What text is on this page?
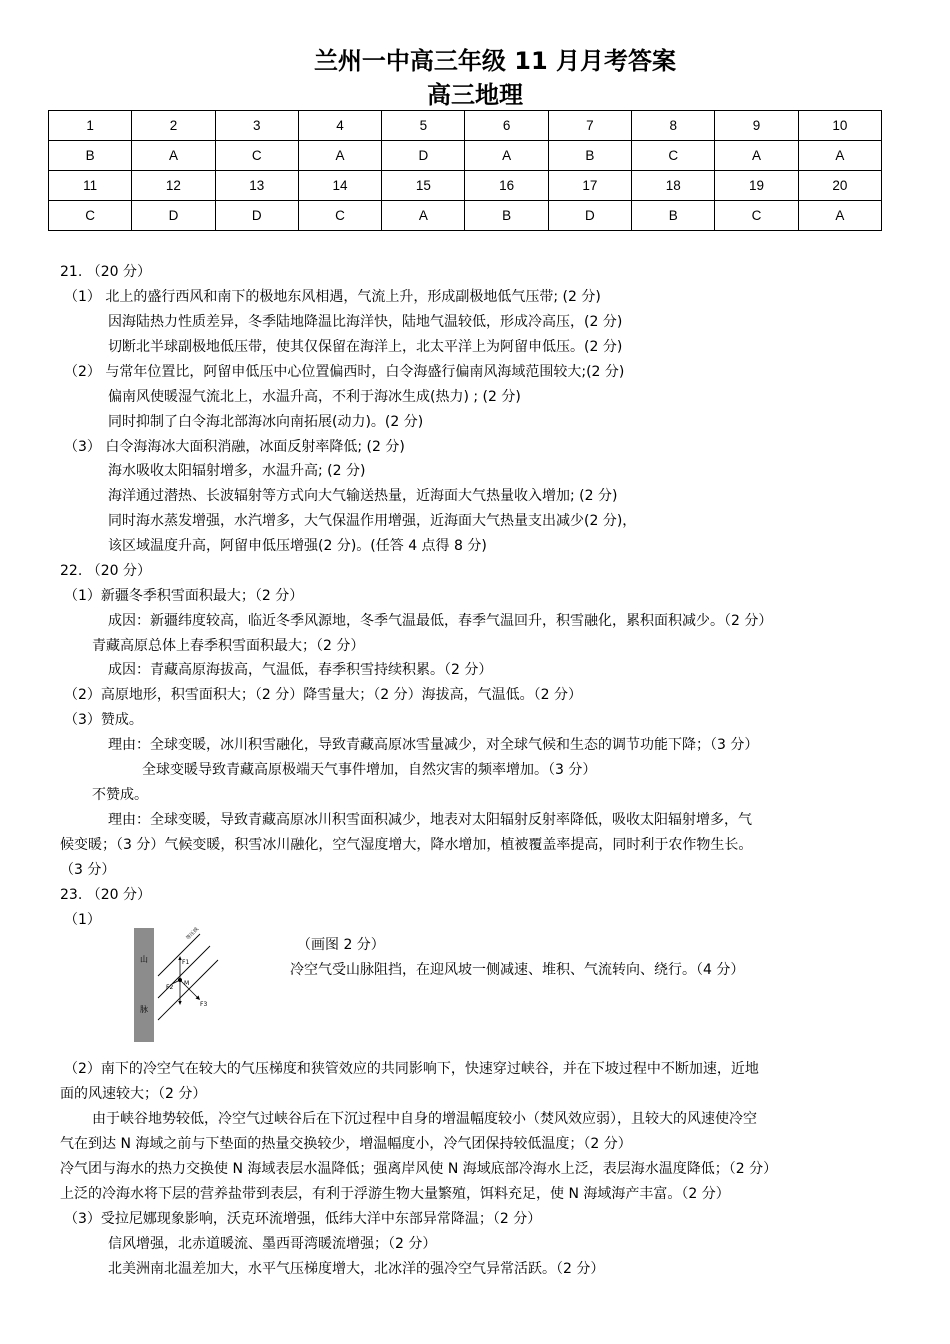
兰州一中高三年级 11 月月考答案
高三地理
1	2	3	4	5	6	7	8	9	10
B	A	C	A	D	A	B	C	A	A
11	12	13	14	15	16	17	18	19	20
C	D	D	C	A	B	D	B	C	A
21. （20 分）
（1） 北上的盛行西风和南下的极地东风相遇，气流上升，形成副极地低气压带; (2 分)
因海陆热力性质差异，冬季陆地降温比海洋快，陆地气温较低，形成冷高压，(2 分)
切断北半球副极地低压带，使其仅保留在海洋上，北太平洋上为阿留申低压。(2 分)
（2） 与常年位置比，阿留申低压中心位置偏西时，白令海盛行偏南风海域范围较大;(2 分)
偏南风使暖湿气流北上，水温升高，不利于海冰生成(热力) ; (2 分)
同时抑制了白令海北部海冰向南拓展(动力)。(2 分)
（3） 白令海海冰大面积消融，冰面反射率降低; (2 分)
海水吸收太阳辐射增多，水温升高; (2 分)
海洋通过潜热、长波辐射等方式向大气输送热量，近海面大气热量收入增加; (2 分)
同时海水蒸发增强，水汽增多，大气保温作用增强，近海面大气热量支出减少(2 分)，
该区域温度升高，阿留申低压增强(2 分)。(任答 4 点得 8 分)
22. （20 分）
（1）新疆冬季积雪面积最大；（2 分）
成因：新疆纬度较高，临近冬季风源地，冬季气温最低，春季气温回升，积雪融化，累积面积减少。（2 分）
青藏高原总体上春季积雪面积最大；（2 分）
成因：青藏高原海拔高，气温低，春季积雪持续积累。（2 分）
（2）高原地形，积雪面积大；（2 分）降雪量大；（2 分）海拔高，气温低。（2 分）
（3）赞成。
理由：全球变暖，冰川积雪融化，导致青藏高原冰雪量减少，对全球气候和生态的调节功能下降；（3 分）
全球变暖导致青藏高原极端天气事件增加，自然灾害的频率增加。（3 分）
不赞成。
理由：全球变暖，导致青藏高原冰川积雪面积减少，地表对太阳辐射反射率降低，吸收太阳辐射增多，气
候变暖；（3 分）气候变暖，积雪冰川融化，空气湿度增大，降水增加，植被覆盖率提高，同时利于农作物生长。
（3 分）
23. （20 分）
（1）
山
脉
等压线
F1
F2
M
F3
（画图 2 分）
冷空气受山脉阻挡，在迎风坡一侧减速、堆积、气流转向、绕行。（4 分）
（2）南下的冷空气在较大的气压梯度和狭管效应的共同影响下，快速穿过峡谷，并在下坡过程中不断加速，近地
面的风速较大；（2 分）
由于峡谷地势较低，冷空气过峡谷后在下沉过程中自身的增温幅度较小（焚风效应弱），且较大的风速使冷空
气在到达 N 海域之前与下垫面的热量交换较少，增温幅度小，冷气团保持较低温度；（2 分）
冷气团与海水的热力交换使 N 海域表层水温降低；强离岸风使 N 海域底部冷海水上泛，表层海水温度降低；（2 分）
上泛的冷海水将下层的营养盐带到表层，有利于浮游生物大量繁殖，饵料充足，使 N 海域海产丰富。（2 分）
（3）受拉尼娜现象影响，沃克环流增强，低纬大洋中东部异常降温；（2 分）
信风增强，北赤道暖流、墨西哥湾暖流增强；（2 分）
北美洲南北温差加大，水平气压梯度增大，北冰洋的强冷空气异常活跃。（2 分）
